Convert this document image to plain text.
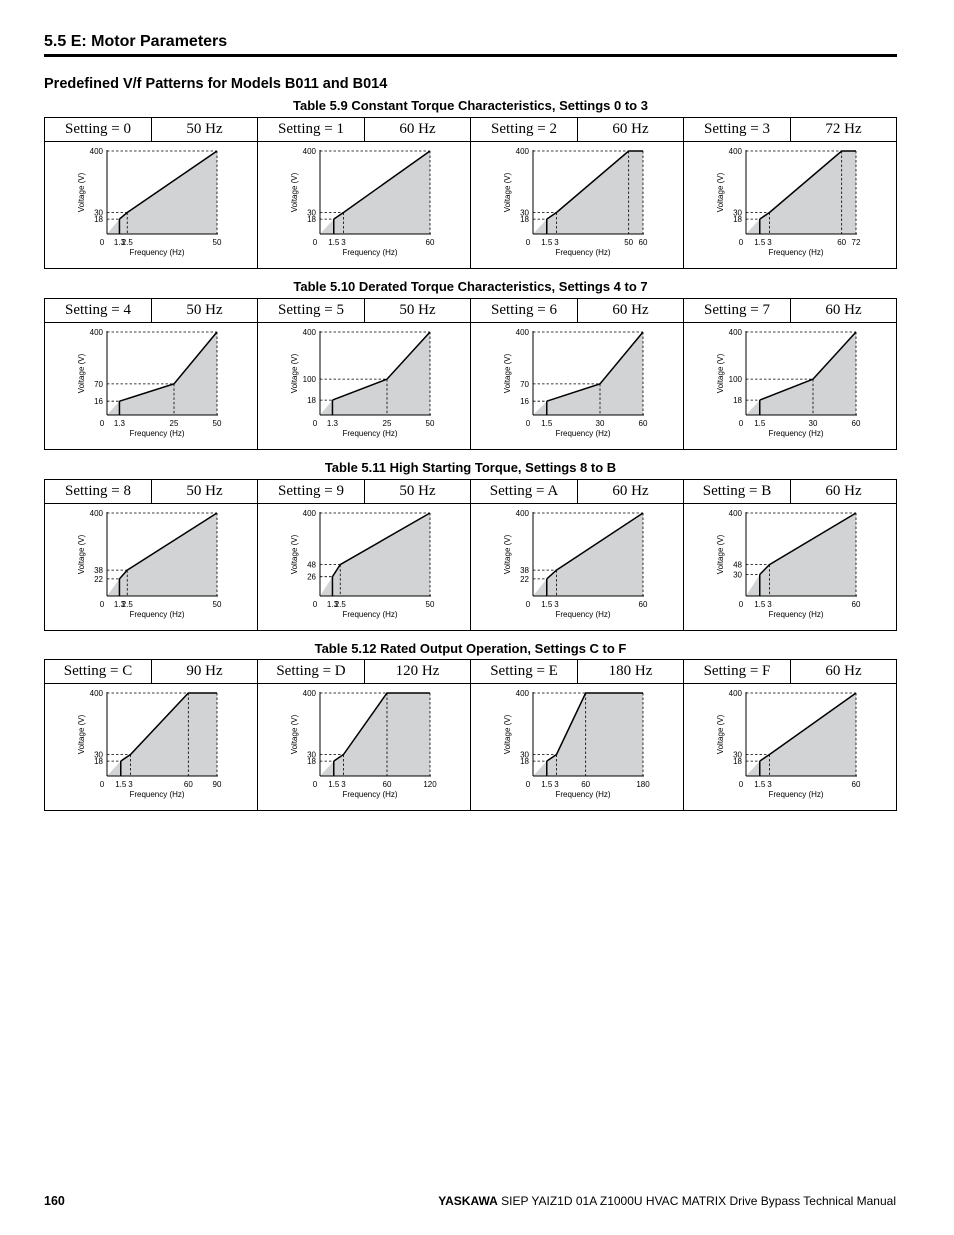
5.5 E: Motor Parameters
Predefined V/f Patterns for Models B011 and B014
Table 5.9 Constant Torque Characteristics, Settings 0 to 3
Setting = 0	50 Hz	Setting = 1	60 Hz	Setting = 2	60 Hz	Setting = 3	72 Hz
0 1.3
2.5	50
18
30
400
Frequency (Hz)
Voltage (V)
0 1.5 3	60
18
30
400
Frequency (Hz)
Voltage (V)
0 1.5 3	50 60
18
30
400
Frequency (Hz)
Voltage (V)
0 1.5 3	60 72
18
30
400
Frequency (Hz)
Voltage (V)
Table 5.10 Derated Torque Characteristics, Settings 4 to 7
Setting = 4	50 Hz	Setting = 5	50 Hz	Setting = 6	60 Hz	Setting = 7	60 Hz
0 1.3	25	50
16
70
400
Frequency (Hz)
Voltage (V)
0 1.3	25	50
18
100
400
Frequency (Hz)
Voltage (V)
0 1.5	30	60
16
70
400
Frequency (Hz)
Voltage (V)
0 1.5	30	60
18
100
400
Frequency (Hz)
Voltage (V)
Table 5.11 High Starting Torque, Settings 8 to B
Setting = 8	50 Hz	Setting = 9	50 Hz	Setting = A	60 Hz	Setting = B	60 Hz
0 1.3
2.5	50
22
38
400
Frequency (Hz)
Voltage (V)
0 1.3
2.5	50
26
48
400
Frequency (Hz)
Voltage (V)
0 1.5 3	60
22
38
400
Frequency (Hz)
Voltage (V)
0 1.5 3	60
30
48
400
Frequency (Hz)
Voltage (V)
Table 5.12 Rated Output Operation, Settings C to F
Setting = C	90 Hz	Setting = D	120 Hz	Setting = E	180 Hz	Setting = F	60 Hz
0 1.5 3	60 90
18
30
400
Frequency (Hz)
Voltage (V)
0 1.5 3	60	120
18
30
400
Frequency (Hz)
Voltage (V)
0 1.5 3	60	180
18
30
400
Frequency (Hz)
Voltage (V)
0 1.5 3	60
18
30
400
Frequency (Hz)
Voltage (V)
160	YASKAWA SIEP YAIZ1D 01A Z1000U HVAC MATRIX Drive Bypass Technical Manual
